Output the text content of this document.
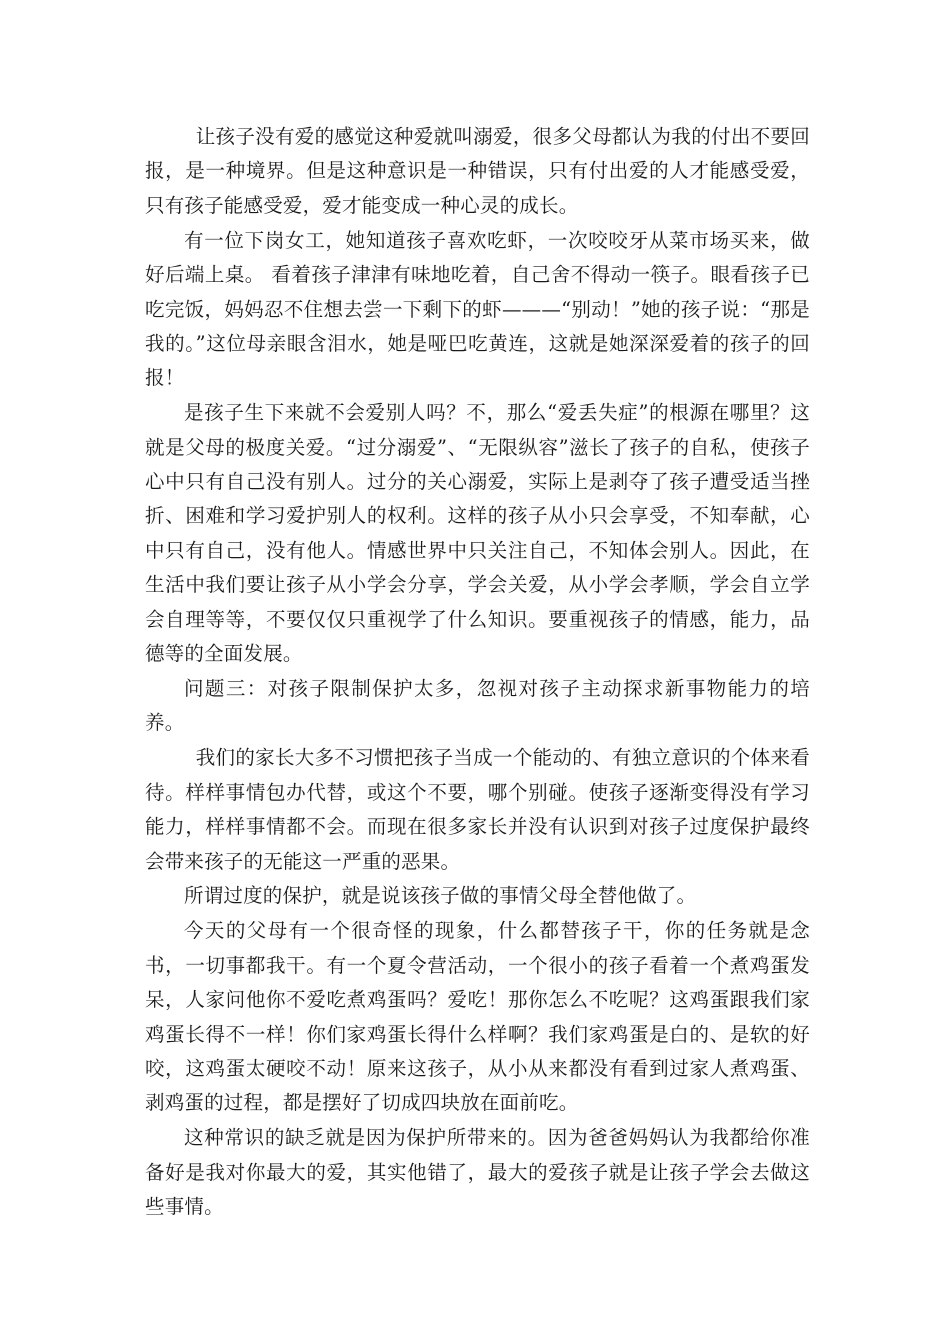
让孩子没有爱的感觉这种爱就叫溺爱，很多父母都认为我的付出不要回报，是一种境界。但是这种意识是一种错误，只有付出爱的人才能感受爱，只有孩子能感受爱，爱才能变成一种心灵的成长。

有一位下岗女工，她知道孩子喜欢吃虾，一次咬咬牙从菜市场买来，做好后端上桌。 看着孩子津津有味地吃着，自己舍不得动一筷子。眼看孩子已吃完饭，妈妈忍不住想去尝一下剩下的虾———“别动！”她的孩子说：“那是我的。”这位母亲眼含泪水，她是哑巴吃黄连，这就是她深深爱着的孩子的回报！

是孩子生下来就不会爱别人吗？不，那么“爱丢失症”的根源在哪里？这就是父母的极度关爱。“过分溺爱”、“无限纵容”滋长了孩子的自私，使孩子心中只有自己没有别人。过分的关心溺爱，实际上是剥夺了孩子遭受适当挫折、困难和学习爱护别人的权利。这样的孩子从小只会享受，不知奉献，心中只有自己，没有他人。情感世界中只关注自己，不知体会别人。因此，在生活中我们要让孩子从小学会分享，学会关爱，从小学会孝顺，学会自立学会自理等等，不要仅仅只重视学了什么知识。要重视孩子的情感，能力，品德等的全面发展。

问题三：对孩子限制保护太多，忽视对孩子主动探求新事物能力的培养。

我们的家长大多不习惯把孩子当成一个能动的、有独立意识的个体来看待。样样事情包办代替，或这个不要，哪个别碰。使孩子逐渐变得没有学习能力，样样事情都不会。而现在很多家长并没有认识到对孩子过度保护最终会带来孩子的无能这一严重的恶果。

所谓过度的保护，就是说该孩子做的事情父母全替他做了。

今天的父母有一个很奇怪的现象，什么都替孩子干，你的任务就是念书，一切事都我干。有一个夏令营活动，一个很小的孩子看着一个煮鸡蛋发呆，人家问他你不爱吃煮鸡蛋吗？爱吃！那你怎么不吃呢？这鸡蛋跟我们家鸡蛋长得不一样！你们家鸡蛋长得什么样啊？我们家鸡蛋是白的、是软的好咬，这鸡蛋太硬咬不动！原来这孩子，从小从来都没有看到过家人煮鸡蛋、剥鸡蛋的过程，都是摆好了切成四块放在面前吃。

这种常识的缺乏就是因为保护所带来的。因为爸爸妈妈认为我都给你准备好是我对你最大的爱，其实他错了，最大的爱孩子就是让孩子学会去做这些事情。
